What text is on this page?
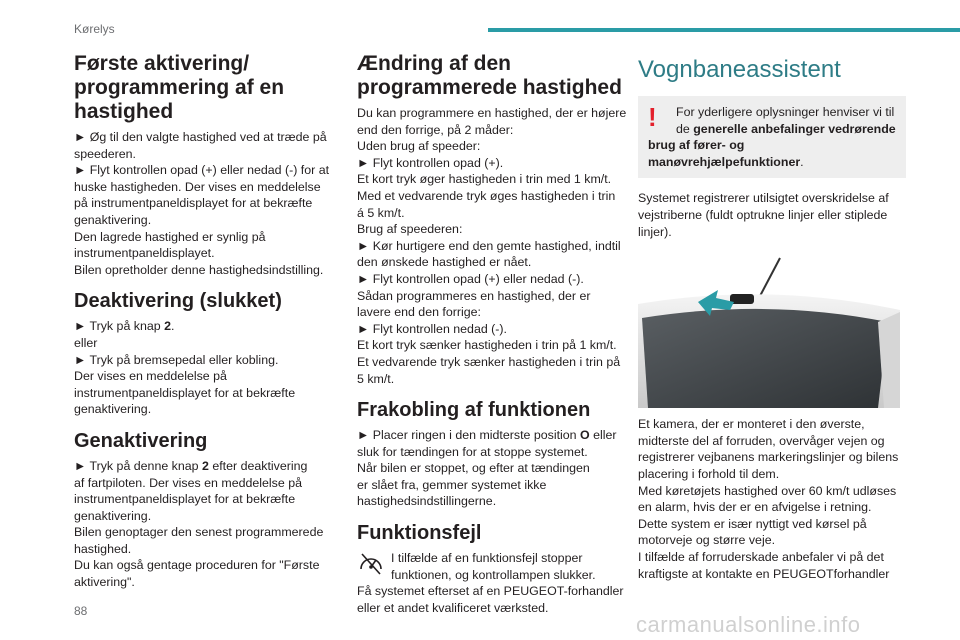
Kørelys
Første aktivering/
programmering af en
hastighed
► Øg til den valgte hastighed ved at træde på
speederen.
► Flyt kontrollen opad (+) eller nedad (-) for at
huske hastigheden. Der vises en meddelelse
på instrumentpaneldisplayet for at bekræfte
genaktivering.
Den lagrede hastighed er synlig på
instrumentpaneldisplayet.
Bilen opretholder denne hastighedsindstilling.
Deaktivering (slukket)
► Tryk på knap 2.
eller
► Tryk på bremsepedal eller kobling.
Der vises en meddelelse på
instrumentpaneldisplayet for at bekræfte
genaktivering.
Genaktivering
► Tryk på denne knap 2 efter deaktivering
af fartpiloten. Der vises en meddelelse på
instrumentpaneldisplayet for at bekræfte
genaktivering.
Bilen genoptager den senest programmerede
hastighed.
Du kan også gentage proceduren for "Første
aktivering".
Ændring af den
programmerede hastighed
Du kan programmere en hastighed, der er højere
end den forrige, på 2 måder:
Uden brug af speeder:
► Flyt kontrollen opad (+).
Et kort tryk øger hastigheden i trin med 1 km/t.
Med et vedvarende tryk øges hastigheden i trin
á 5 km/t.
Brug af speederen:
► Kør hurtigere end den gemte hastighed, indtil
den ønskede hastighed er nået.
► Flyt kontrollen opad (+) eller nedad (-).
Sådan programmeres en hastighed, der er
lavere end den forrige:
► Flyt kontrollen nedad (-).
Et kort tryk sænker hastigheden i trin på 1 km/t.
Et vedvarende tryk sænker hastigheden i trin på
5 km/t.
Frakobling af funktionen
► Placer ringen i den midterste position O eller
sluk for tændingen for at stoppe systemet.
Når bilen er stoppet, og efter at tændingen
er slået fra, gemmer systemet ikke
hastighedsindstillingerne.
Funktionsfejl
I tilfælde af en funktionsfejl stopper
funktionen, og kontrollampen slukker.
Få systemet efterset af en PEUGEOT-forhandler
eller et andet kvalificeret værksted.
Vognbaneassistent
!	For yderligere oplysninger henviser vi til
de generelle anbefalinger vedrørende
brug af fører- og
manøvrehjælpefunktioner.
Systemet registrerer utilsigtet overskridelse af
vejstriberne (fuldt optrukne linjer eller stiplede
linjer).
Et kamera, der er monteret i den øverste,
midterste del af forruden, overvåger vejen og
registrerer vejbanens markeringslinjer og bilens
placering i forhold til dem.
Med køretøjets hastighed over 60 km/t udløses
en alarm, hvis der er en afvigelse i retning.
Dette system er især nyttigt ved kørsel på
motorveje og større veje.
I tilfælde af forruderskade anbefaler vi på det
kraftigste at kontakte en PEUGEOTforhandler
88
carmanualsonline.info
